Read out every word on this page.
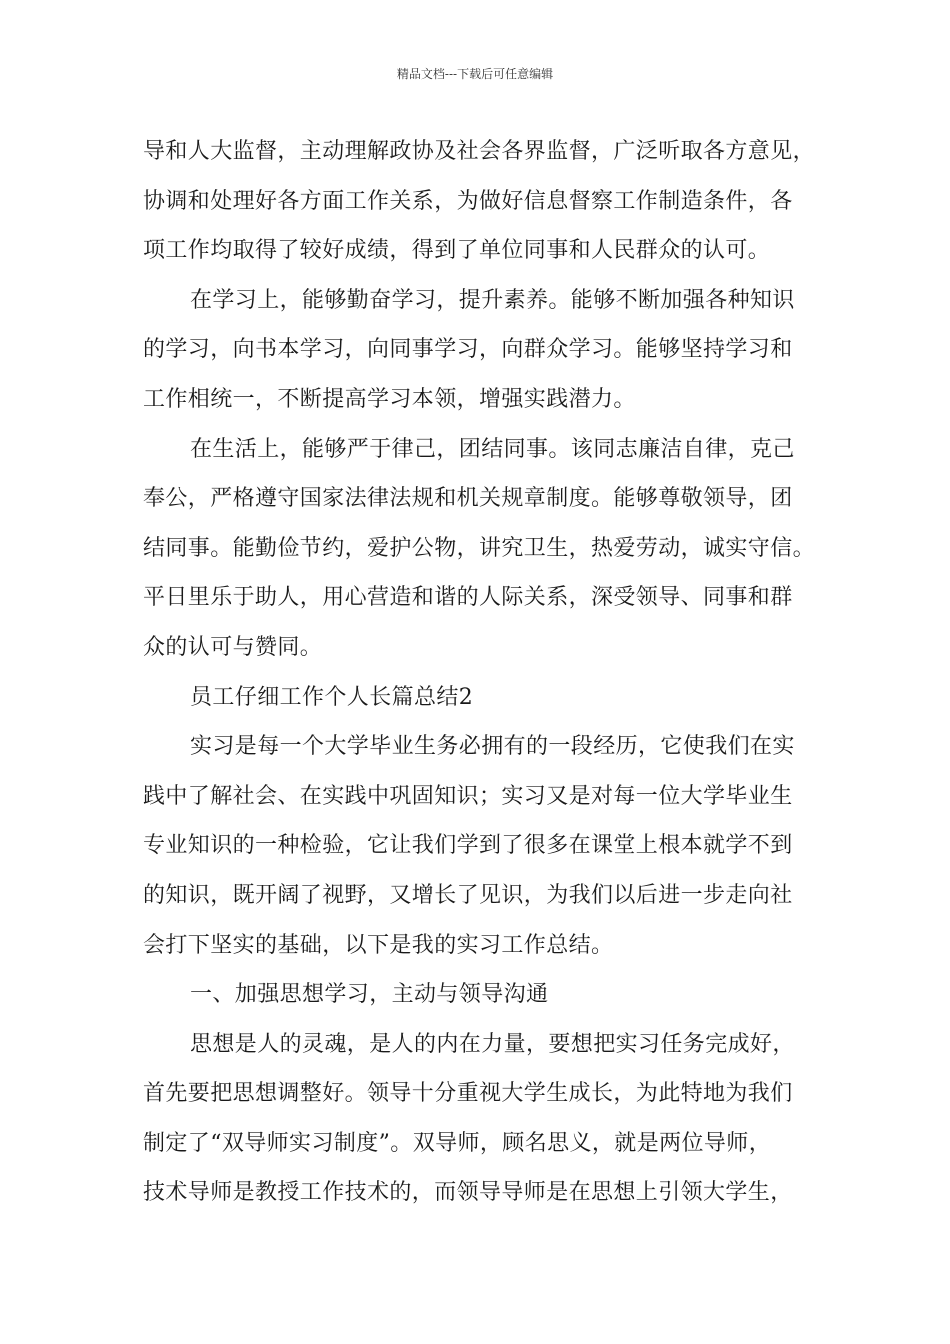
精品文档---下载后可任意编辑
导和人大监督，主动理解政协及社会各界监督，广泛听取各方意见，
协调和处理好各方面工作关系，为做好信息督察工作制造条件，各
项工作均取得了较好成绩，得到了单位同事和人民群众的认可。
在学习上，能够勤奋学习，提升素养。能够不断加强各种知识
的学习，向书本学习，向同事学习，向群众学习。能够坚持学习和
工作相统一，不断提高学习本领，增强实践潜力。
在生活上，能够严于律己，团结同事。该同志廉洁自律，克己
奉公，严格遵守国家法律法规和机关规章制度。能够尊敬领导，团
结同事。能勤俭节约，爱护公物，讲究卫生，热爱劳动，诚实守信。
平日里乐于助人，用心营造和谐的人际关系，深受领导、同事和群
众的认可与赞同。
员工仔细工作个人长篇总结2
实习是每一个大学毕业生务必拥有的一段经历，它使我们在实
践中了解社会、在实践中巩固知识；实习又是对每一位大学毕业生
专业知识的一种检验，它让我们学到了很多在课堂上根本就学不到
的知识，既开阔了视野，又增长了见识，为我们以后进一步走向社
会打下坚实的基础，以下是我的实习工作总结。
一、加强思想学习，主动与领导沟通
思想是人的灵魂，是人的内在力量，要想把实习任务完成好，
首先要把思想调整好。领导十分重视大学生成长，为此特地为我们
制定了“双导师实习制度”。双导师，顾名思义，就是两位导师，
技术导师是教授工作技术的，而领导导师是在思想上引领大学生，
